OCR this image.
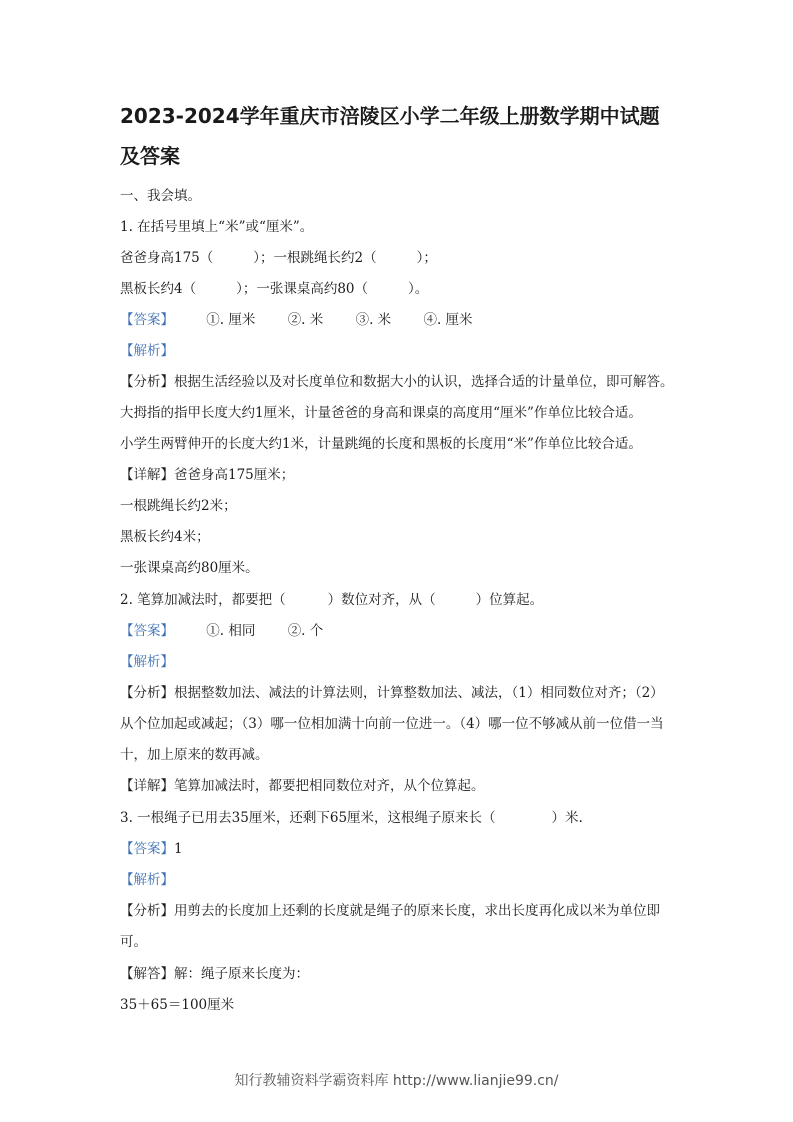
2023-2024学年重庆市涪陵区小学二年级上册数学期中试题
及答案
一、我会填。
1. 在括号里填上“米”或“厘米”。
爸爸身高175（	）；一根跳绳长约2（	）；
黑板长约4（	）；一张课桌高约80（	）。
【答案】 ①. 厘米 ②. 米 ③. 米 ④. 厘米
【解析】
【分析】根据生活经验以及对长度单位和数据大小的认识，选择合适的计量单位，即可解答。
大拇指的指甲长度大约1厘米，计量爸爸的身高和课桌的高度用“厘米”作单位比较合适。
小学生两臂伸开的长度大约1米，计量跳绳的长度和黑板的长度用“米”作单位比较合适。
【详解】爸爸身高175厘米；
一根跳绳长约2米；
黑板长约4米；
一张课桌高约80厘米。
2. 笔算加减法时，都要把（	）数位对齐，从（	）位算起。
【答案】 ①. 相同 ②. 个
【解析】
【分析】根据整数加法、减法的计算法则，计算整数加法、减法，（1）相同数位对齐；（2）
从个位加起或减起；（3）哪一位相加满十向前一位进一。（4）哪一位不够减从前一位借一当
十，加上原来的数再减。
【详解】笔算加减法时，都要把相同数位对齐，从个位算起。
3. 一根绳子已用去35厘米，还剩下65厘米，这根绳子原来长（	）米.
【答案】1
【解析】
【分析】用剪去的长度加上还剩的长度就是绳子的原来长度，求出长度再化成以米为单位即
可。
【解答】解：绳子原来长度为：
35＋65＝100厘米
知行教辅资料学霸资料库 http://www.lianjie99.cn/
